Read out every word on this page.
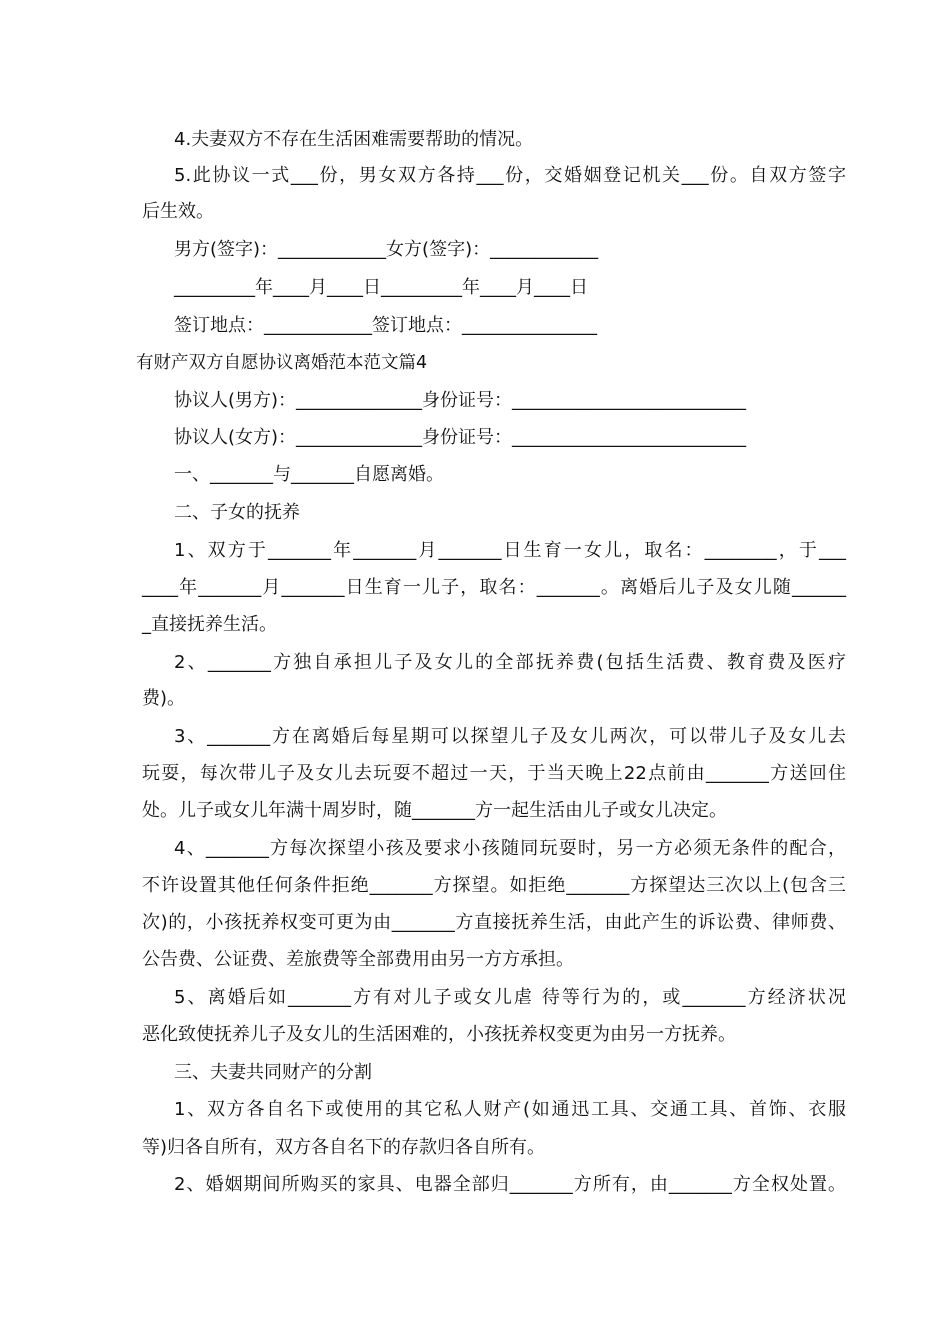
4.夫妻双方不存在生活困难需要帮助的情况。
5.此协议一式___份，男女双方各持___份，交婚姻登记机关___份。自双方签字
后生效。
男方(签字)：____________女方(签字)：____________
_________年____月____日_________年____月____日
签订地点：____________签订地点：_______________
有财产双方自愿协议离婚范本范文篇4
协议人(男方)：______________身份证号：__________________________
协议人(女方)：______________身份证号：__________________________
一、_______与_______自愿离婚。
二、子女的抚养
1、双方于_______年_______月_______日生育一女儿，取名：________，于___
____年_______月_______日生育一儿子，取名：_______。离婚后儿子及女儿随______
_直接抚养生活。
2、_______方独自承担儿子及女儿的全部抚养费(包括生活费、教育费及医疗
费)。
3、_______方在离婚后每星期可以探望儿子及女儿两次，可以带儿子及女儿去
玩耍，每次带儿子及女儿去玩耍不超过一天，于当天晚上22点前由_______方送回住
处。儿子或女儿年满十周岁时，随_______方一起生活由儿子或女儿决定。
4、_______方每次探望小孩及要求小孩随同玩耍时，另一方必须无条件的配合，
不许设置其他任何条件拒绝_______方探望。如拒绝_______方探望达三次以上(包含三
次)的，小孩抚养权变可更为由_______方直接抚养生活，由此产生的诉讼费、律师费、
公告费、公证费、差旅费等全部费用由另一方方承担。
5、离婚后如_______方有对儿子或女儿虐 待等行为的，或_______方经济状况
恶化致使抚养儿子及女儿的生活困难的，小孩抚养权变更为由另一方抚养。
三、夫妻共同财产的分割
1、双方各自名下或使用的其它私人财产(如通迅工具、交通工具、首饰、衣服
等)归各自所有，双方各自名下的存款归各自所有。
2、婚姻期间所购买的家具、电器全部归_______方所有，由_______方全权处置。
